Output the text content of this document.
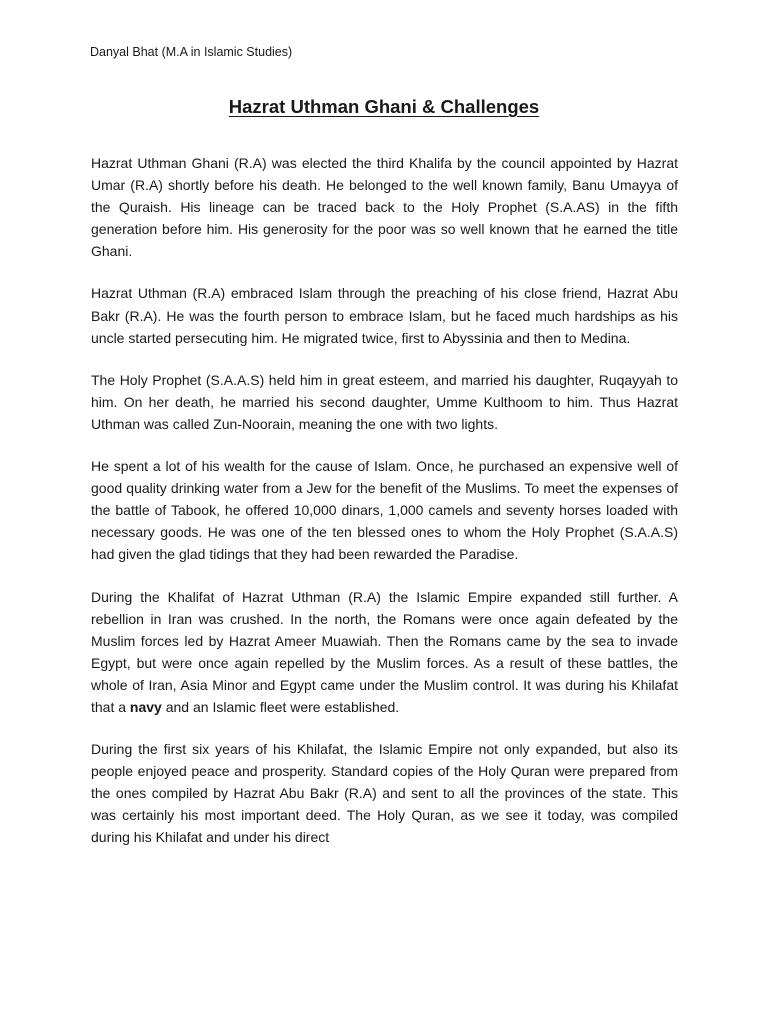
Danyal Bhat (M.A in Islamic Studies)
Hazrat Uthman Ghani & Challenges

Hazrat Uthman Ghani (R.A) was elected the third Khalifa by the council appointed by Hazrat Umar (R.A) shortly before his death. He belonged to the well known family, Banu Umayya of the Quraish. His lineage can be traced back to the Holy Prophet (S.A.AS) in the fifth generation before him. His generosity for the poor was so well known that he earned the title Ghani.

Hazrat Uthman (R.A) embraced Islam through the preaching of his close friend, Hazrat Abu Bakr (R.A). He was the fourth person to embrace Islam, but he faced much hardships as his uncle started persecuting him. He migrated twice, first to Abyssinia and then to Medina.

The Holy Prophet (S.A.A.S) held him in great esteem, and married his daughter, Ruqayyah to him. On her death, he married his second daughter, Umme Kulthoom to him. Thus Hazrat Uthman was called Zun-Noorain, meaning the one with two lights.

He spent a lot of his wealth for the cause of Islam. Once, he purchased an expensive well of good quality drinking water from a Jew for the benefit of the Muslims. To meet the expenses of the battle of Tabook, he offered 10,000 dinars, 1,000 camels and seventy horses loaded with necessary goods. He was one of the ten blessed ones to whom the Holy Prophet (S.A.A.S) had given the glad tidings that they had been rewarded the Paradise.

During the Khalifat of Hazrat Uthman (R.A) the Islamic Empire expanded still further. A rebellion in Iran was crushed. In the north, the Romans were once again defeated by the Muslim forces led by Hazrat Ameer Muawiah. Then the Romans came by the sea to invade Egypt, but were once again repelled by the Muslim forces. As a result of these battles, the whole of Iran, Asia Minor and Egypt came under the Muslim control. It was during his Khilafat that a navy and an Islamic fleet were established.

During the first six years of his Khilafat, the Islamic Empire not only expanded, but also its people enjoyed peace and prosperity. Standard copies of the Holy Quran were prepared from the ones compiled by Hazrat Abu Bakr (R.A) and sent to all the provinces of the state. This was certainly his most important deed. The Holy Quran, as we see it today, was compiled during his Khilafat and under his direct
